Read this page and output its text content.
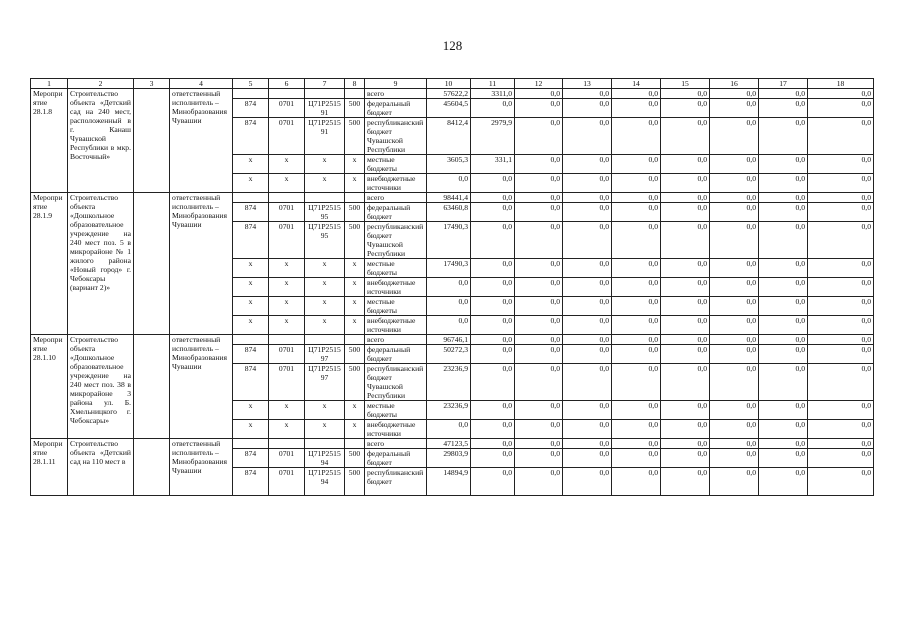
128
1	2	3	4	5	6	7	8	9	10	11	12	13	14	15	16	17	18
Мероприятие 28.1.8	Строительство объекта «Детский сад на 240 мест, расположенный в г. Канаш Чувашской Республики в мкр. Восточный»		ответственный исполнитель – Минобразования Чувашии					всего	57622,2	3311,0	0,0	0,0	0,0	0,0	0,0	0,0	0,0
				874	0701	Ц71Р251591	500	федеральный бюджет	45604,5	0,0	0,0	0,0	0,0	0,0	0,0	0,0	0,0
				874	0701	Ц71Р251591	500	республиканский бюджет Чувашской Республики	8412,4	2979,9	0,0	0,0	0,0	0,0	0,0	0,0	0,0
				x	x	x	x	местные бюджеты	3605,3	331,1	0,0	0,0	0,0	0,0	0,0	0,0	0,0
				x	x	x	x	внебюджетные источники	0,0	0,0	0,0	0,0	0,0	0,0	0,0	0,0	0,0
Мероприятие 28.1.9	Строительство объекта «Дошкольное образовательное учреждение на 240 мест поз. 5 в микрорайоне № 1 жилого района «Новый город» г. Чебоксары (вариант 2)»		ответственный исполнитель – Минобразования Чувашии					всего	98441,4	0,0	0,0	0,0	0,0	0,0	0,0	0,0	0,0
				874	0701	Ц71Р251595	500	федеральный бюджет	63460,8	0,0	0,0	0,0	0,0	0,0	0,0	0,0	0,0
				874	0701	Ц71Р251595	500	республиканский бюджет Чувашской Республики	17490,3	0,0	0,0	0,0	0,0	0,0	0,0	0,0	0,0
				x	x	x	x	местные бюджеты	17490,3	0,0	0,0	0,0	0,0	0,0	0,0	0,0	0,0
				x	x	x	x	внебюджетные источники	0,0	0,0	0,0	0,0	0,0	0,0	0,0	0,0	0,0
				x	x	x	x	местные бюджеты	0,0	0,0	0,0	0,0	0,0	0,0	0,0	0,0	0,0
				x	x	x	x	внебюджетные источники	0,0	0,0	0,0	0,0	0,0	0,0	0,0	0,0	0,0
Мероприятие 28.1.10	Строительство объекта «Дошкольное образовательное учреждение на 240 мест поз. 38 в микрорайоне 3 района ул. Б. Хмельницкого г. Чебоксары»		ответственный исполнитель – Минобразования Чувашии					всего	96746,1	0,0	0,0	0,0	0,0	0,0	0,0	0,0	0,0
				874	0701	Ц71Р251597	500	федеральный бюджет	50272,3	0,0	0,0	0,0	0,0	0,0	0,0	0,0	0,0
				874	0701	Ц71Р251597	500	республиканский бюджет Чувашской Республики	23236,9	0,0	0,0	0,0	0,0	0,0	0,0	0,0	0,0
				x	x	x	x	местные бюджеты	23236,9	0,0	0,0	0,0	0,0	0,0	0,0	0,0	0,0
				x	x	x	x	внебюджетные источники	0,0	0,0	0,0	0,0	0,0	0,0	0,0	0,0	0,0
Мероприятие 28.1.11	Строительство объекта «Детский сад на 110 мест в		ответственный исполнитель – Минобразования Чувашии					всего	47123,5	0,0	0,0	0,0	0,0	0,0	0,0	0,0	0,0
				874	0701	Ц71Р251594	500	федеральный бюджет	29803,9	0,0	0,0	0,0	0,0	0,0	0,0	0,0	0,0
				874	0701	Ц71Р251594	500	республиканский бюджет	14894,9	0,0	0,0	0,0	0,0	0,0	0,0	0,0	0,0
